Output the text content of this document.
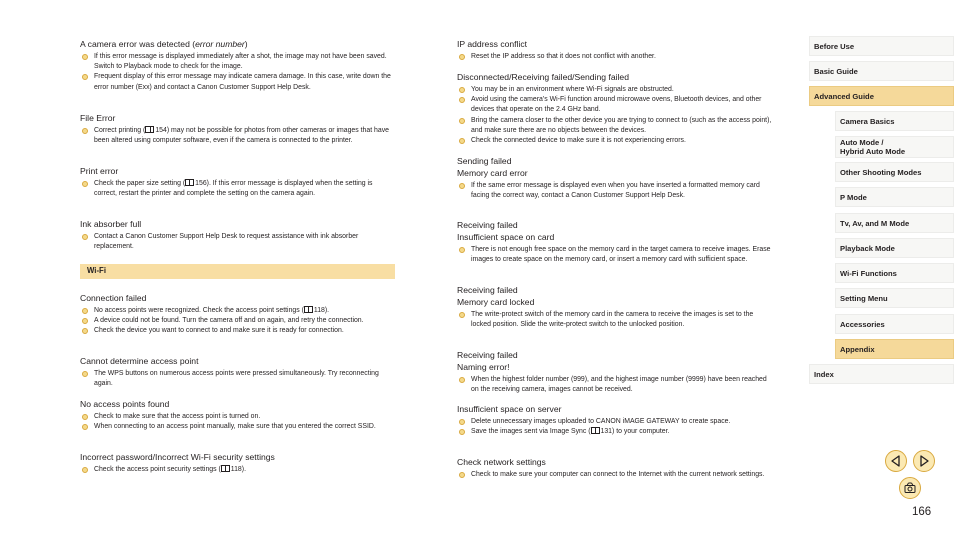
A camera error was detected (error number)
If this error message is displayed immediately after a shot, the image may not have been saved. Switch to Playback mode to check for the image.
Frequent display of this error message may indicate camera damage. In this case, write down the error number (Exx) and contact a Canon Customer Support Help Desk.
File Error
Correct printing ( 154) may not be possible for photos from other cameras or images that have been altered using computer software, even if the camera is connected to the printer.
Print error
Check the paper size setting ( 156). If this error message is displayed when the setting is correct, restart the printer and complete the setting on the camera again.
Ink absorber full
Contact a Canon Customer Support Help Desk to request assistance with ink absorber replacement.
Connection failed
No access points were recognized. Check the access point settings ( 118).
A device could not be found. Turn the camera off and on again, and retry the connection.
Check the device you want to connect to and make sure it is ready for connection.
Cannot determine access point
The WPS buttons on numerous access points were pressed simultaneously. Try reconnecting again.
No access points found
Check to make sure that the access point is turned on.
When connecting to an access point manually, make sure that you entered the correct SSID.
Incorrect password/Incorrect Wi-Fi security settings
Check the access point security settings ( 118).
Wi-Fi
IP address conflict
Reset the IP address so that it does not conflict with another.
Disconnected/Receiving failed/Sending failed
You may be in an environment where Wi-Fi signals are obstructed.
Avoid using the camera’s Wi-Fi function around microwave ovens, Bluetooth devices, and other devices that operate on the 2.4 GHz band.
Bring the camera closer to the other device you are trying to connect to (such as the access point), and make sure there are no objects between the devices.
Check the connected device to make sure it is not experiencing errors.
Sending failed
Memory card error
If the same error message is displayed even when you have inserted a formatted memory card facing the correct way, contact a Canon Customer Support Help Desk.
Receiving failed
Insufficient space on card
There is not enough free space on the memory card in the target camera to receive images. Erase images to create space on the memory card, or insert a memory card with sufficient space.
Receiving failed
Memory card locked
The write-protect switch of the memory card in the camera to receive the images is set to the locked position. Slide the write-protect switch to the unlocked position.
Receiving failed
Naming error!
When the highest folder number (999), and the highest image number (9999) have been reached on the receiving camera, images cannot be received.
Insufficient space on server
Delete unnecessary images uploaded to CANON iMAGE GATEWAY to create space.
Save the images sent via Image Sync ( 131) to your computer.
Check network settings
Check to make sure your computer can connect to the Internet with the current network settings.
Before Use
Basic Guide
Advanced Guide
Camera Basics
Auto Mode /
Hybrid Auto Mode
Other Shooting Modes
P Mode
Tv, Av, and M Mode
Playback Mode
Wi-Fi Functions
Setting Menu
Accessories
Appendix
Index
166
